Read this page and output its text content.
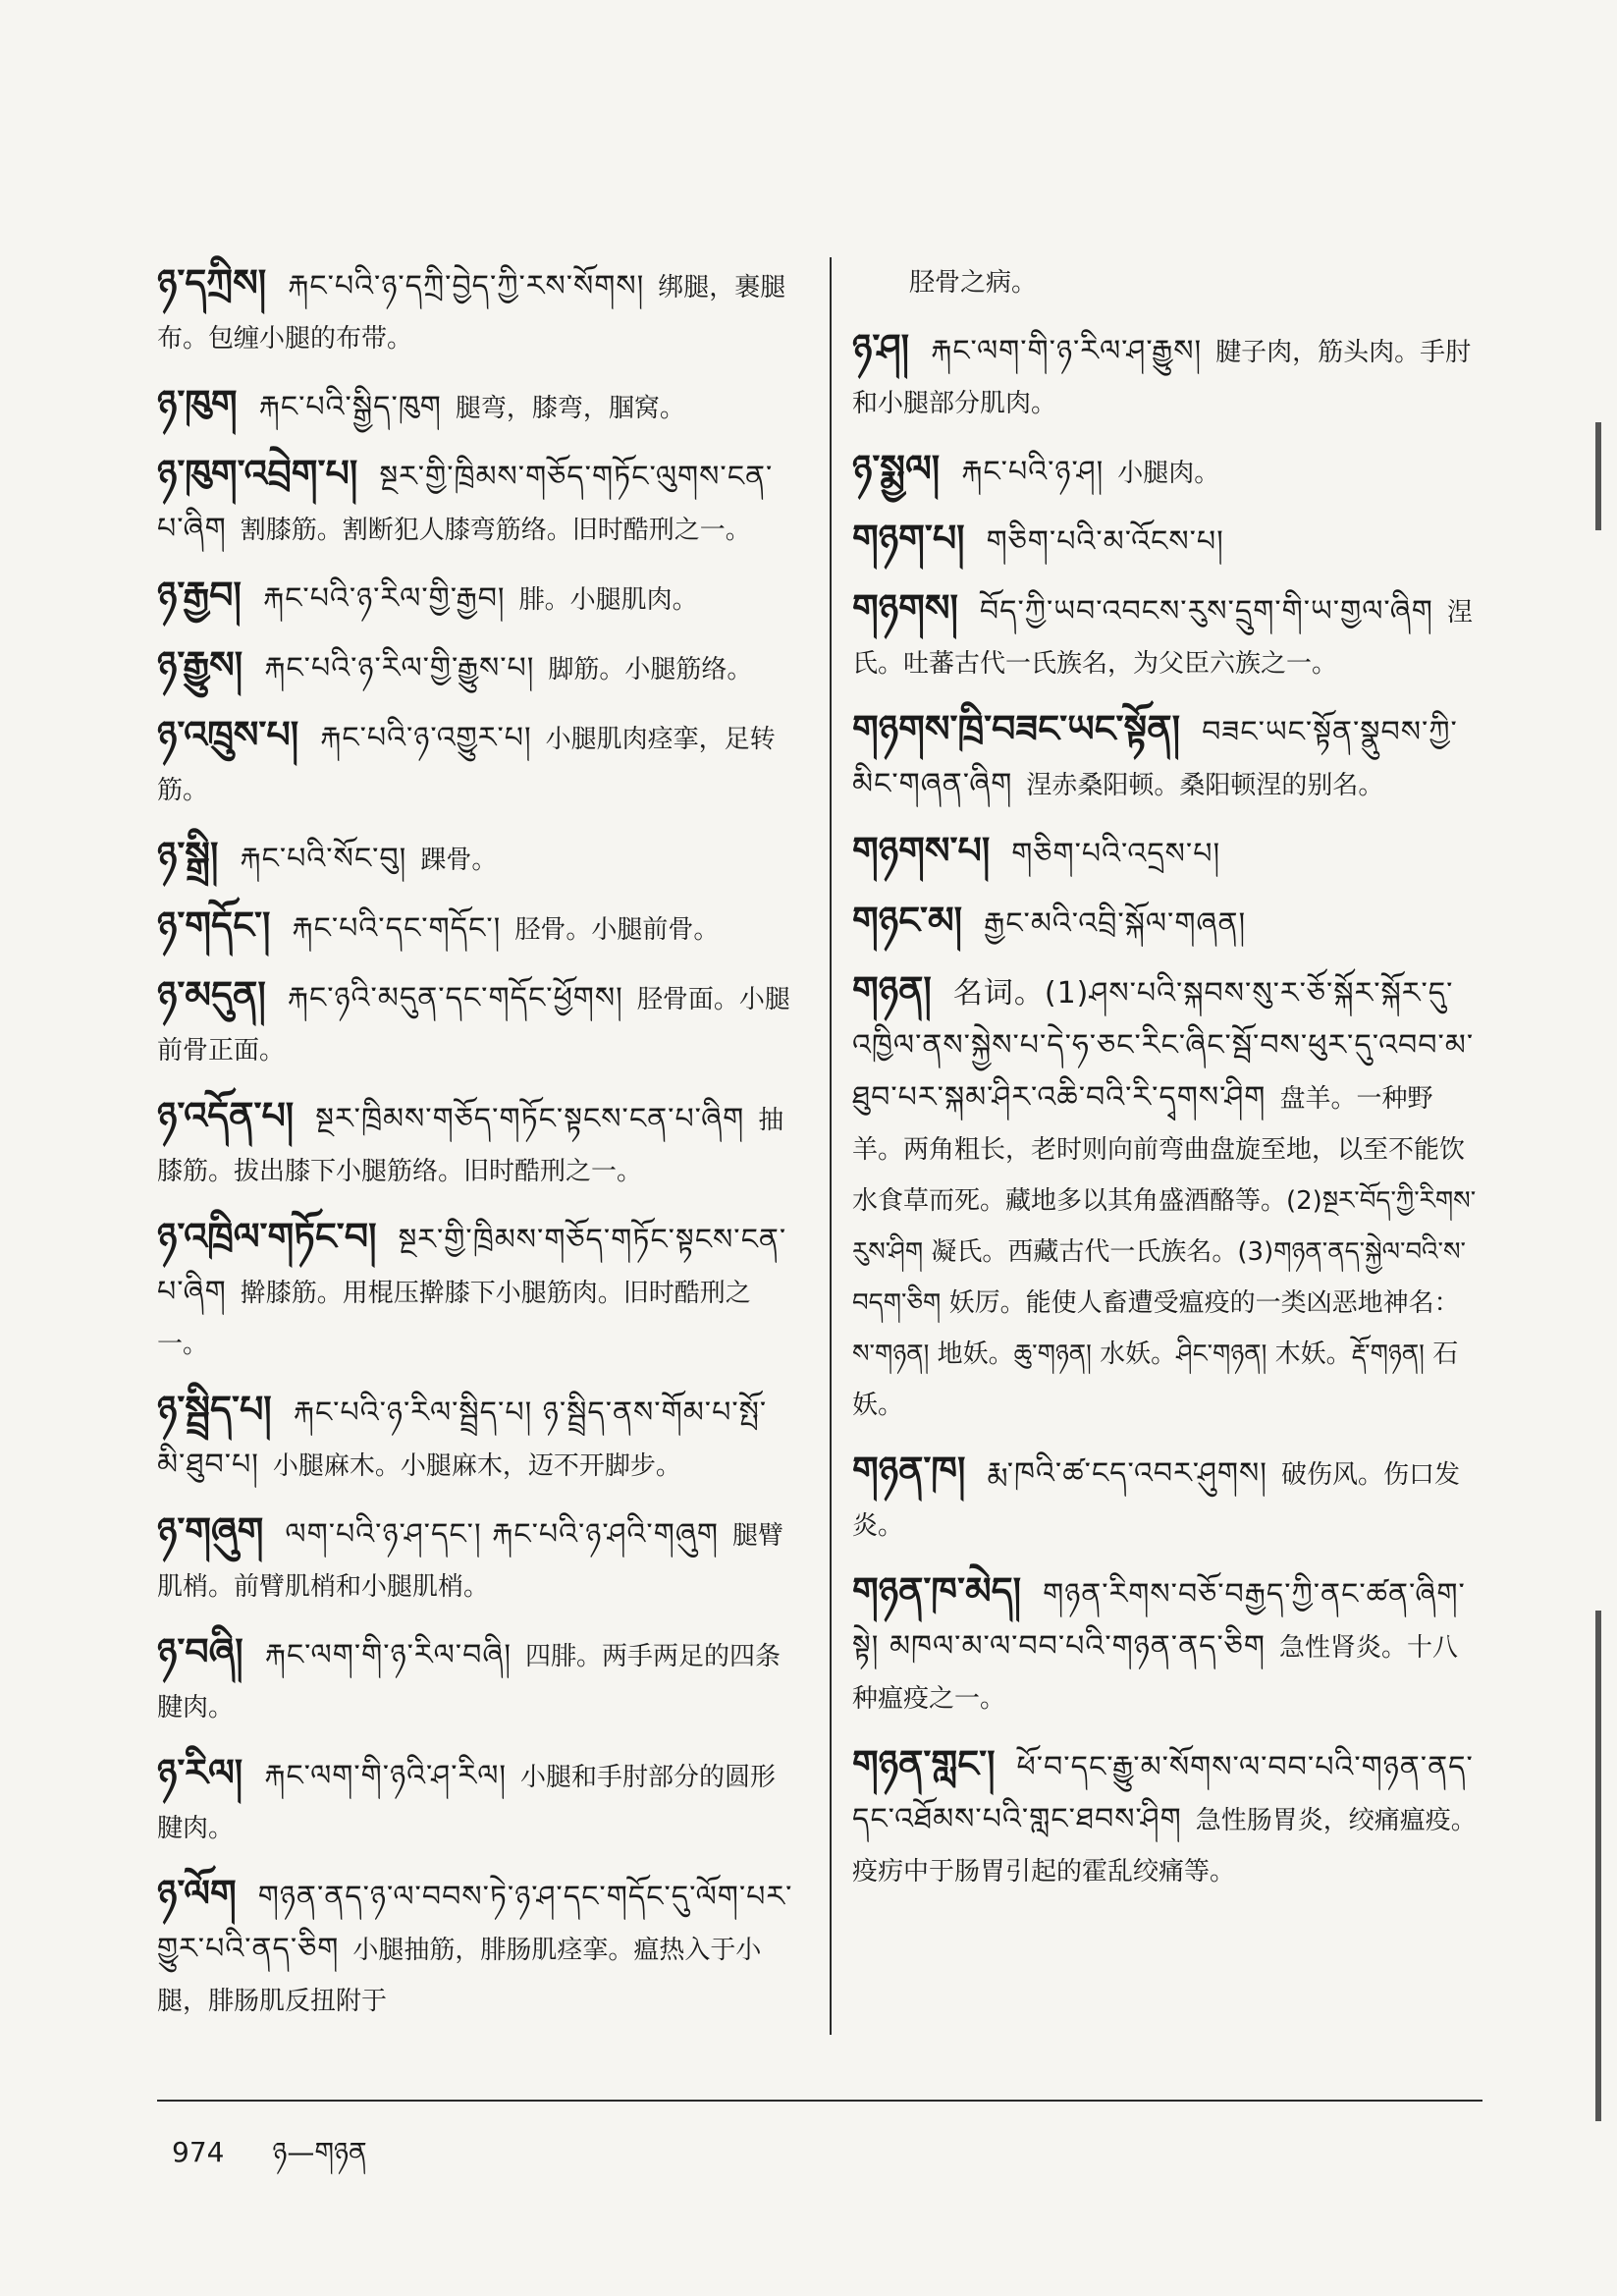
ཉ་དཀྲིས། རྐང་པའི་ཉ་དཀྲི་བྱེད་ཀྱི་རས་སོགས། 绑腿，裹腿布。包缠小腿的布带。
ཉ་ཁུག རྐང་པའི་སྒྱིད་ཁུག 腿弯，膝弯，腘窝。
ཉ་ཁུག་འབྲེག་པ། སྔར་གྱི་ཁྲིམས་གཅོད་གཏོང་ལུགས་ངན་པ་ཞིག 割膝筋。割断犯人膝弯筋络。旧时酷刑之一。
ཉ་རྒྱབ། རྐང་པའི་ཉ་རིལ་གྱི་རྒྱབ། 腓。小腿肌肉。
ཉ་རྒྱུས། རྐང་པའི་ཉ་རིལ་གྱི་རྒྱུས་པ། 脚筋。小腿筋络。
ཉ་འཁྲུས་པ། རྐང་པའི་ཉ་འགྱུར་པ། 小腿肌肉痉挛，足转筋。
ཉ་སྒྲི། རྐང་པའི་སོང་བུ། 踝骨。
ཉ་གདོང་། རྐང་པའི་དང་གདོང་། 胫骨。小腿前骨。
ཉ་མདུན། རྐང་ཉའི་མདུན་དང་གདོང་ཕྱོགས། 胫骨面。小腿前骨正面。
ཉ་འདོན་པ། སྔར་ཁྲིམས་གཅོད་གཏོང་སྟངས་ངན་པ་ཞིག 抽膝筋。拔出膝下小腿筋络。旧时酷刑之一。
ཉ་འཁྲིལ་གཏོང་བ། སྔར་གྱི་ཁྲིམས་གཅོད་གཏོང་སྟངས་ངན་པ་ཞིག 擀膝筋。用棍压擀膝下小腿筋肉。旧时酷刑之一。
ཉ་སྦྲིད་པ། རྐང་པའི་ཉ་རིལ་སྦྲིད་པ། ཉ་སྦྲིད་ནས་གོམ་པ་སྤོ་མི་ཐུབ་པ། 小腿麻木。小腿麻木，迈不开脚步。
ཉ་གཞུག ལག་པའི་ཉ་ཤ་དང་། རྐང་པའི་ཉ་ཤའི་གཞུག 腿臂肌梢。前臂肌梢和小腿肌梢。
ཉ་བཞི། རྐང་ལག་གི་ཉ་རིལ་བཞི། 四腓。两手两足的四条腱肉。
ཉ་རིལ། རྐང་ལག་གི་ཉའི་ཤ་རིལ། 小腿和手肘部分的圆形腱肉。
ཉ་ལོག གཉན་ནད་ཉ་ལ་བབས་ཏེ་ཉ་ཤ་དང་གདོང་དུ་ལོག་པར་གྱུར་པའི་ནད་ཅིག 小腿抽筋，腓肠肌痉挛。瘟热入于小腿，腓肠肌反扭附于
胫骨之病。
ཉ་ཤ། རྐང་ལག་གི་ཉ་རིལ་ཤ་རྒྱུས། 腱子肉，筋头肉。手肘和小腿部分肌肉。
ཉ་སྨྱལ། རྐང་པའི་ཉ་ཤ། 小腿肉。
གཉག་པ། གཅིག་པའི་མ་འོངས་པ།
གཉགས། བོད་ཀྱི་ཡབ་འབངས་རུས་དྲུག་གི་ཡ་གྱལ་ཞིག 涅氏。吐蕃古代一氏族名，为父臣六族之一。
གཉགས་ཁྲི་བཟང་ཡང་སྟོན། བཟང་ཡང་སྟོན་སྣུབས་ཀྱི་མིང་གཞན་ཞིག 涅赤桑阳顿。桑阳顿涅的别名。
གཉགས་པ། གཅིག་པའི་འདྲས་པ།
གཉང་མ། རྒྱང་མའི་འབྲི་སྐོལ་གཞན།
གཉན། 名词。(1)ཤས་པའི་སྐབས་སུ་ར་ཅོ་སྐོར་སྐོར་དུ་འཁྱིལ་ནས་སྐྱེས་པ་དེ་ཧ་ཅང་རིང་ཞིང་སྦོ་བས་ཕུར་དུ་འབབ་མ་ཐུབ་པར་སྐམ་ཤིར་འཆི་བའི་རི་དྭགས་ཤིག 盘羊。一种野羊。两角粗长，老时则向前弯曲盘旋至地，以至不能饮水食草而死。藏地多以其角盛酒酪等。(2)སྔར་བོད་ཀྱི་རིགས་རུས་ཤིག 凝氏。西藏古代一氏族名。(3)གཉན་ནད་སྐྱེལ་བའི་ས་བདག་ཅིག 妖厉。能使人畜遭受瘟疫的一类凶恶地神名：ས་གཉན། 地妖。ཆུ་གཉན། 水妖。ཤིང་གཉན། 木妖。རྡོ་གཉན། 石妖。
གཉན་ཁ། རྨ་ཁའི་ཚ་ངད་འབར་ཤུགས། 破伤风。伤口发炎。
གཉན་ཁ་མེད། གཉན་རིགས་བཅོ་བརྒྱད་ཀྱི་ནང་ཚན་ཞིག་སྟེ། མཁལ་མ་ལ་བབ་པའི་གཉན་ནད་ཅིག 急性肾炎。十八种瘟疫之一。
གཉན་གླང་། ཕོ་བ་དང་རྒྱུ་མ་སོགས་ལ་བབ་པའི་གཉན་ནད་དང་འཐོམས་པའི་གླང་ཐབས་ཤིག 急性肠胃炎，绞痛瘟疫。疫疠中于肠胃引起的霍乱绞痛等。
974 ཉ—གཉན
